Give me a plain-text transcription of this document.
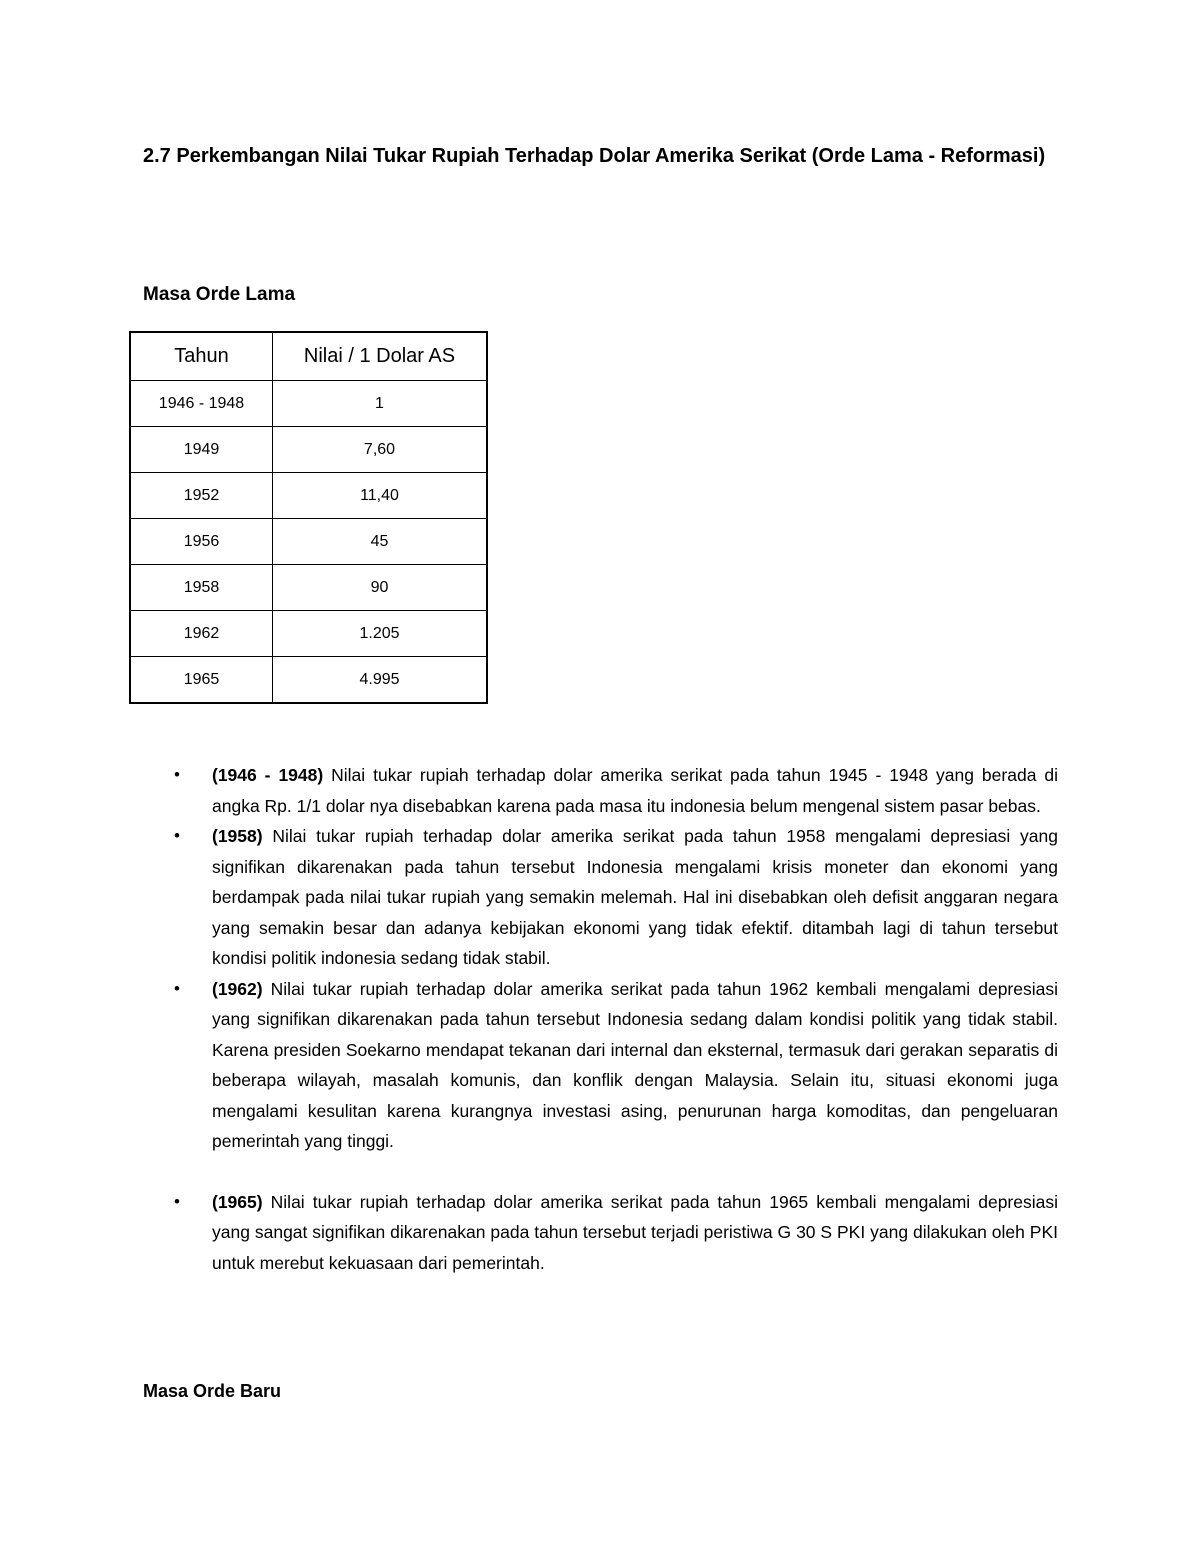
2.7 Perkembangan Nilai Tukar Rupiah Terhadap Dolar Amerika Serikat (Orde Lama - Reformasi)
Masa Orde Lama
Tahun	Nilai / 1 Dolar AS
1946 - 1948	1
1949	7,60
1952	11,40
1956	45
1958	90
1962	1.205
1965	4.995
• (1946 - 1948) Nilai tukar rupiah terhadap dolar amerika serikat pada tahun 1945 - 1948 yang berada di angka Rp. 1/1 dolar nya disebabkan karena pada masa itu indonesia belum mengenal sistem pasar bebas.
• (1958) Nilai tukar rupiah terhadap dolar amerika serikat pada tahun 1958 mengalami depresiasi yang signifikan dikarenakan pada tahun tersebut Indonesia mengalami krisis moneter dan ekonomi yang berdampak pada nilai tukar rupiah yang semakin melemah. Hal ini disebabkan oleh defisit anggaran negara yang semakin besar dan adanya kebijakan ekonomi yang tidak efektif. ditambah lagi di tahun tersebut kondisi politik indonesia sedang tidak stabil.
• (1962) Nilai tukar rupiah terhadap dolar amerika serikat pada tahun 1962 kembali mengalami depresiasi yang signifikan dikarenakan pada tahun tersebut Indonesia sedang dalam kondisi politik yang tidak stabil. Karena presiden Soekarno mendapat tekanan dari internal dan eksternal, termasuk dari gerakan separatis di beberapa wilayah, masalah komunis, dan konflik dengan Malaysia. Selain itu, situasi ekonomi juga mengalami kesulitan karena kurangnya investasi asing, penurunan harga komoditas, dan pengeluaran pemerintah yang tinggi.
• (1965) Nilai tukar rupiah terhadap dolar amerika serikat pada tahun 1965 kembali mengalami depresiasi yang sangat signifikan dikarenakan pada tahun tersebut terjadi peristiwa G 30 S PKI yang dilakukan oleh PKI untuk merebut kekuasaan dari pemerintah.
Masa Orde Baru
